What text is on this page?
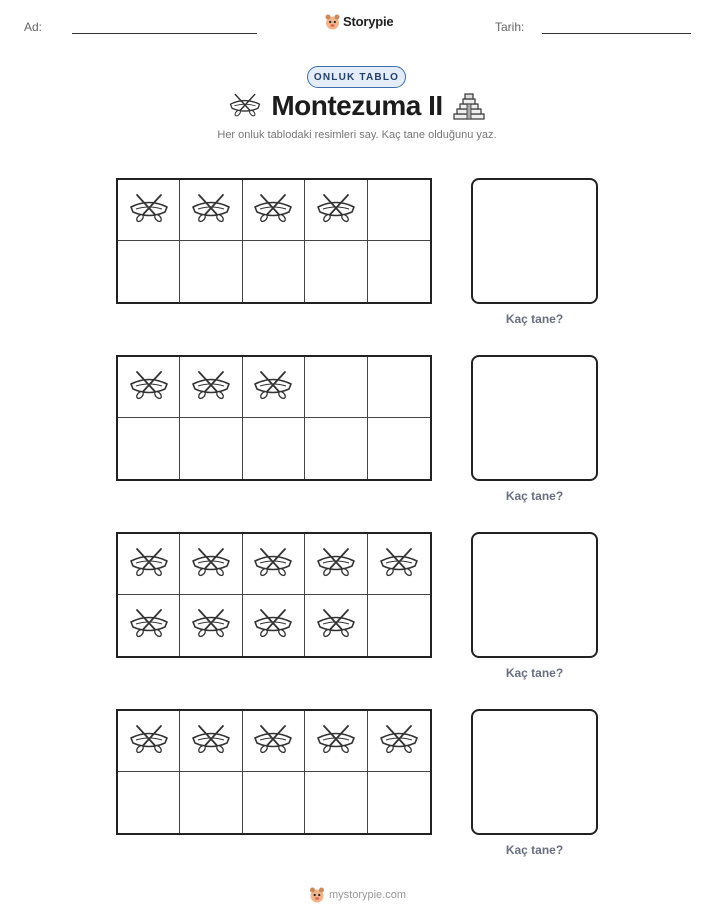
Ad:	Storypie	Tarih:
ONLUK TABLO
Montezuma II
Her onluk tablodaki resimleri say. Kaç tane olduğunu yaz.
Kaç tane?
Kaç tane?
Kaç tane?
Kaç tane?
mystorypie.com
